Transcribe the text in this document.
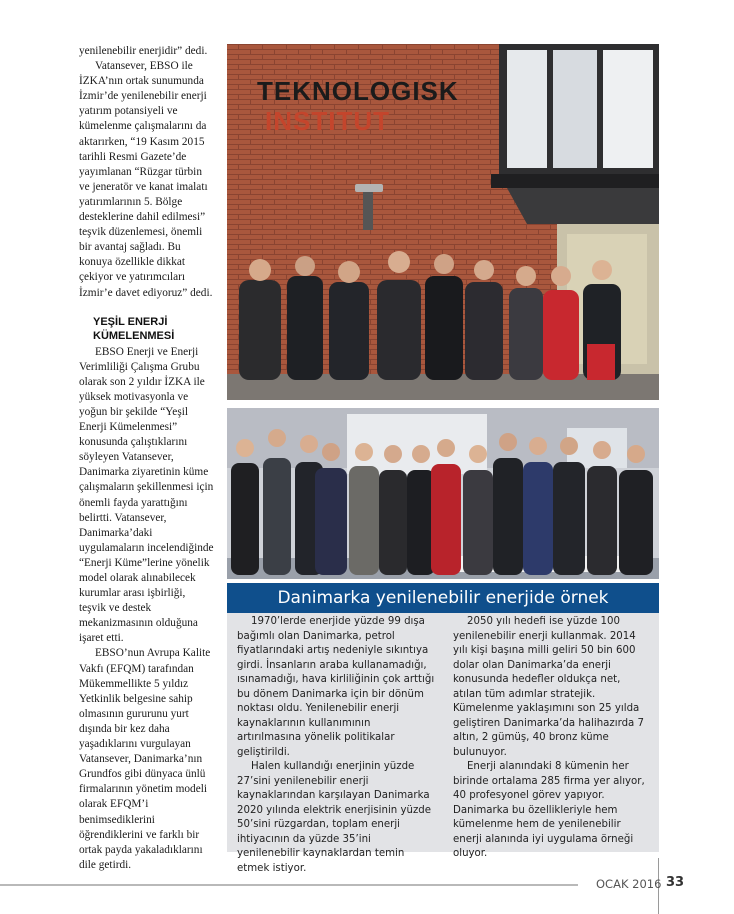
yenilenebilir enerjidir” dedi.

Vatansever, EBSO ile İZKA’nın ortak sunumunda İzmir’de yenilenebilir enerji yatırım potansiyeli ve kümelenme çalışmalarını da aktarırken, “19 Kasım 2015 tarihli Resmi Gazete’de yayımlanan “Rüzgar türbin ve jeneratör ve kanat imalatı yatırımlarının 5. Bölge desteklerine dahil edilmesi” teşvik düzenlemesi, önemli bir avantaj sağladı. Bu konuya özellikle dikkat çekiyor ve yatırımcıları İzmir’e davet ediyoruz” dedi.

YEŞİL ENERJİ KÜMELENMESİ

EBSO Enerji ve Enerji Verimliliği Çalışma Grubu olarak son 2 yıldır İZKA ile yüksek motivasyonla ve yoğun bir şekilde “Yeşil Enerji Kümelenmesi” konusunda çalıştıklarını söyleyen Vatansever, Danimarka ziyaretinin küme çalışmaların şekillenmesi için önemli fayda yarattığını belirtti. Vatansever, Danimarka’daki uygulamaların incelendiğinde “Enerji Küme”lerine yönelik model olarak alınabilecek kurumlar arası işbirliği, teşvik ve destek mekanizmasının olduğuna işaret etti.

EBSO’nun Avrupa Kalite Vakfı (EFQM) tarafından Mükemmellikte 5 yıldız Yetkinlik belgesine sahip olmasının gururunu yurt dışında bir kez daha yaşadıklarını vurgulayan Vatansever, Danimarka’nın Grundfos gibi dünyaca ünlü firmalarının yönetim modeli olarak EFQM’i benimsediklerini öğrendiklerini ve farklı bir ortak payda yakaladıklarını dile getirdi.

TEKNOLOGISK
INSTITUT
Danimarka yenilenebilir enerjide örnek

1970’lerde enerjide yüzde 99 dışa bağımlı olan Danimarka, petrol fiyatlarındaki artış nedeniyle sıkıntıya girdi. İnsanların araba kullanamadığı, ısınamadığı, hava kirliliğinin çok arttığı bu dönem Danimarka için bir dönüm noktası oldu. Yenilenebilir enerji kaynaklarının kullanımının artırılmasına yönelik politikalar geliştirildi.

Halen kullandığı enerjinin yüzde 27’sini yenilenebilir enerji kaynaklarından karşılayan Danimarka 2020 yılında elektrik enerjisinin yüzde 50’sini rüzgardan, toplam enerji ihtiyacının da yüzde 35’ini yenilenebilir kaynaklardan temin etmek istiyor.

2050 yılı hedefi ise yüzde 100 yenilenebilir enerji kullanmak. 2014 yılı kişi başına milli geliri 50 bin 600 dolar olan Danimarka’da enerji konusunda hedefler oldukça net, atılan tüm adımlar stratejik. Kümelenme yaklaşımını son 25 yılda geliştiren Danimarka’da halihazırda 7 altın, 2 gümüş, 40 bronz küme bulunuyor.

Enerji alanındaki 8 kümenin her birinde ortalama 285 firma yer alıyor, 40 profesyonel görev yapıyor. Danimarka bu özellikleriyle hem kümelenme hem de yenilenebilir enerji alanında iyi uygulama örneği oluyor.

OCAK 2016 33
